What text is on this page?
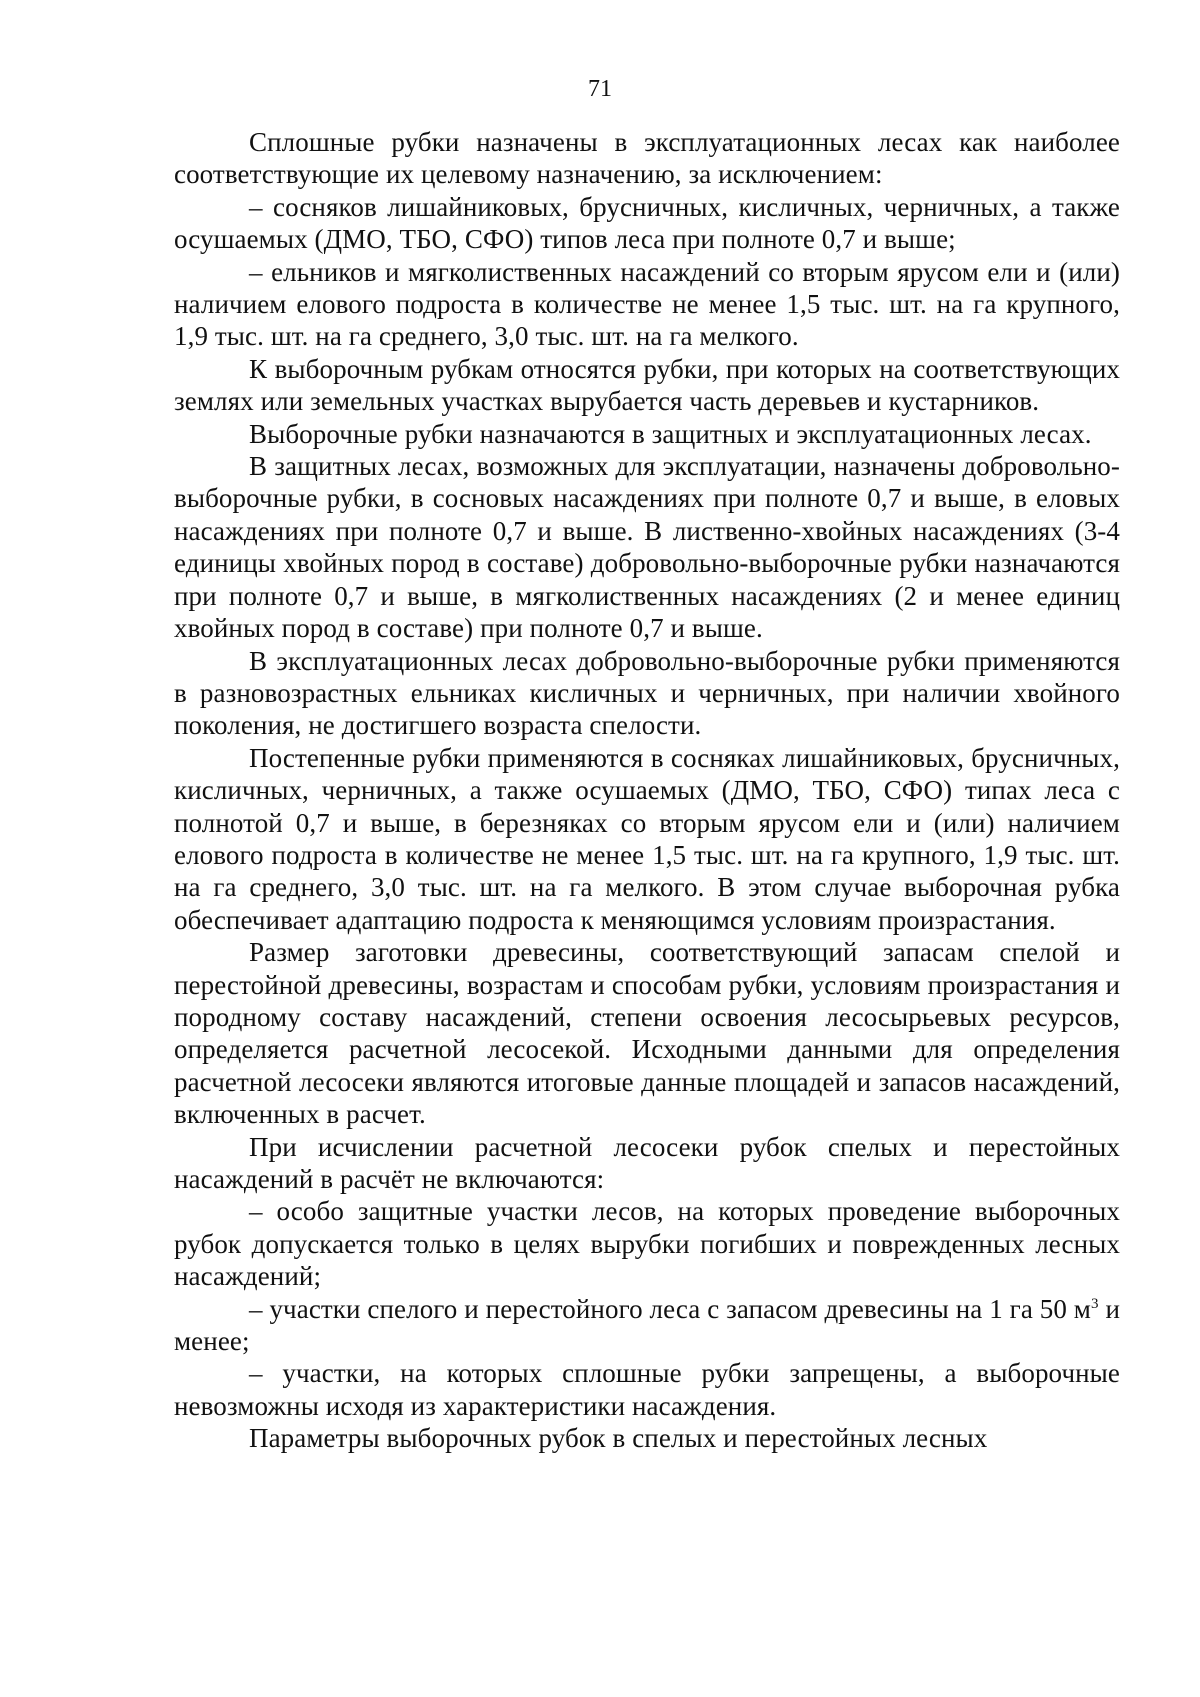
71

Сплошные рубки назначены в эксплуатационных лесах как наиболее соответствующие их целевому назначению, за исключением:

– сосняков лишайниковых, брусничных, кисличных, черничных, а также осушаемых (ДМО, ТБО, СФО) типов леса при полноте 0,7 и выше;

– ельников и мягколиственных насаждений со вторым ярусом ели и (или) наличием елового подроста в количестве не менее 1,5 тыс. шт. на га крупного, 1,9 тыс. шт. на га среднего, 3,0 тыс. шт. на га мелкого.

К выборочным рубкам относятся рубки, при которых на соответствующих землях или земельных участках вырубается часть деревьев и кустарников.

Выборочные рубки назначаются в защитных и эксплуатационных лесах.

В защитных лесах, возможных для эксплуатации, назначены добровольно-выборочные рубки, в сосновых насаждениях при полноте 0,7 и выше, в еловых насаждениях при полноте 0,7 и выше. В лиственно-хвойных насаждениях (3-4 единицы хвойных пород в составе) добровольно-выборочные рубки назначаются при полноте 0,7 и выше, в мягколиственных насаждениях (2 и менее единиц хвойных пород в составе) при полноте 0,7 и выше.

В эксплуатационных лесах добровольно-выборочные рубки применяются в разновозрастных ельниках кисличных и черничных, при наличии хвойного поколения, не достигшего возраста спелости.

Постепенные рубки применяются в сосняках лишайниковых, брусничных, кисличных, черничных, а также осушаемых (ДМО, ТБО, СФО) типах леса с полнотой 0,7 и выше, в березняках со вторым ярусом ели и (или) наличием елового подроста в количестве не менее 1,5 тыс. шт. на га крупного, 1,9 тыс. шт. на га среднего, 3,0 тыс. шт. на га мелкого. В этом случае выборочная рубка обеспечивает адаптацию подроста к меняющимся условиям произрастания.

Размер заготовки древесины, соответствующий запасам спелой и перестойной древесины, возрастам и способам рубки, условиям произрастания и породному составу насаждений, степени освоения лесосырьевых ресурсов, определяется расчетной лесосекой. Исходными данными для определения расчетной лесосеки являются итоговые данные площадей и запасов насаждений, включенных в расчет.

При исчислении расчетной лесосеки рубок спелых и перестойных насаждений в расчёт не включаются:

– особо защитные участки лесов, на которых проведение выборочных рубок допускается только в целях вырубки погибших и поврежденных лесных насаждений;

– участки спелого и перестойного леса с запасом древесины на 1 га 50 $м^3$ и менее;

– участки, на которых сплошные рубки запрещены, а выборочные невозможны исходя из характеристики насаждения.

Параметры выборочных рубок в спелых и перестойных лесных
